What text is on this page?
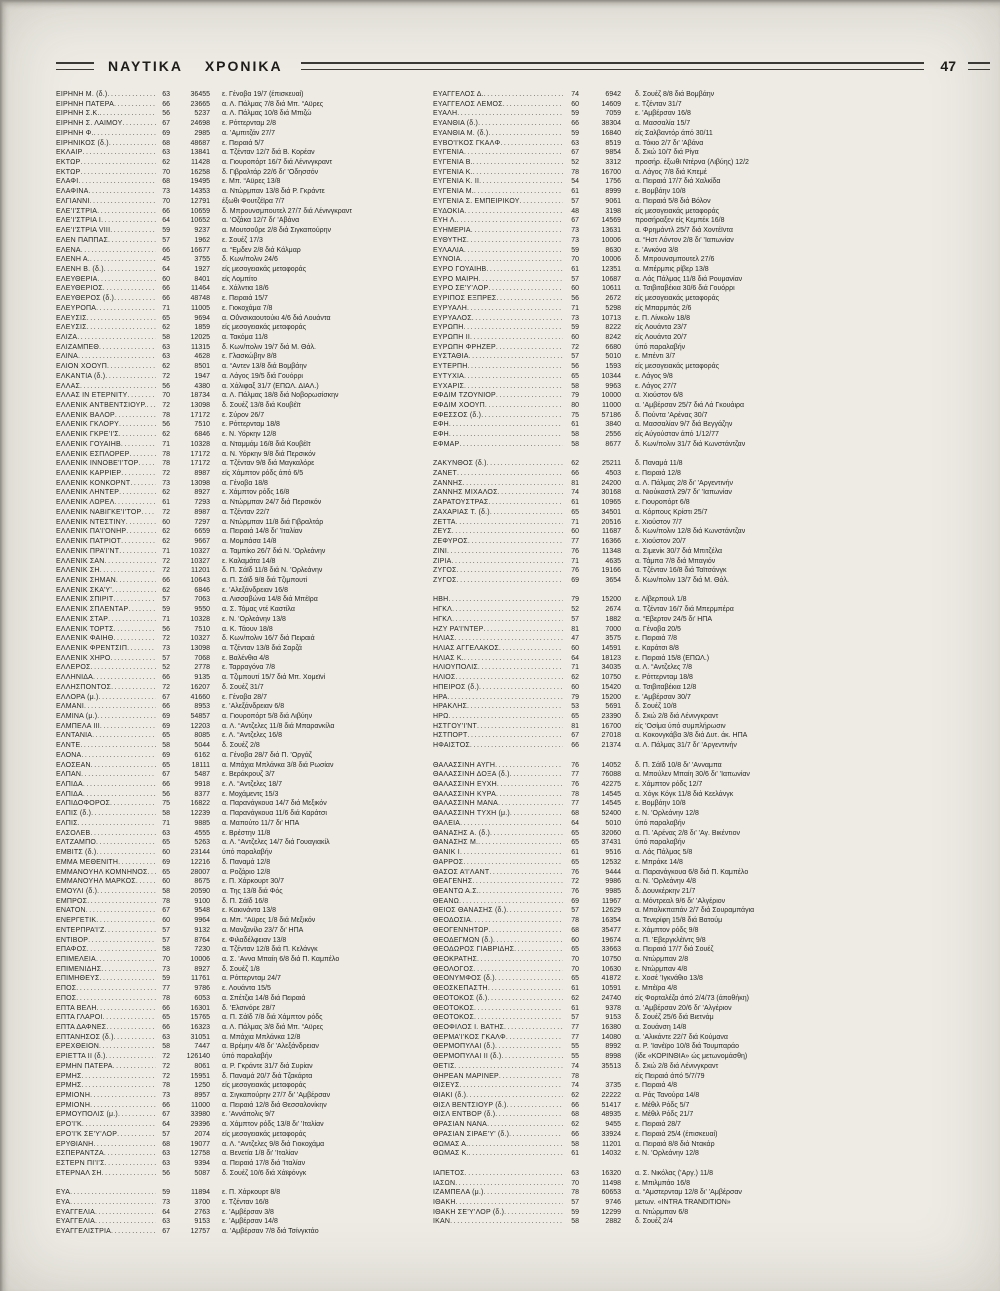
ΝΑΥΤΙΚΑ ΧΡΟΝΙΚΑ	47
ΕΙΡΗΝΗ Μ. (δ.) .....	63	36455	ε. Γένοβα 19/7 (έπισκευαί)
ΕΙΡΗΝΗ ΠΑΤΕΡΑ .....	66	23665	α. Λ. Πάλμας 7/8 διά Μπ. “Αϋρες
ΕΙΡΗΝΗ Σ.Κ. .....	56	5237	α. Λ. Πάλμας 10/8 διά Μπιζώ
ΕΙΡΗΝΗ Σ. ΛΑΙΜΟΥ .....	67	24698	ε. Ρόττερνταμ 2/8
ΕΙΡΗΝΗ Φ. .....	69	2985	α. ’Αμπιτζάν 27/7
ΕΙΡΗΝΙΚΟΣ (δ.) .....	68	48687	ε. Πειραιά 5/7
ΕΚΛΑΙΡ .....	63	13841	α. Τζένταν 12/7 διά Β. Κορέαν
ΕΚΤΩΡ .....	62	11428	α. Γιουροπόρτ 16/7 διά Λένινγκραντ
ΕΚΤΩΡ .....	70	16258	δ. Γιβραλτάρ 22/6 δι’ ’Οδησσόν
ΕΛΑΦΙ .....	68	19495	ε. Μπ. “Αϋρες 13/8
ΕΛΑΦΙΝΑ .....	73	14353	α. Ντώρμπαν 13/8 διά Ρ. Γκράντε
ΕΛΓΙΑΝΝΙ .....	70	12791	έξωθι Φουτζέϊρα 7/7
ΕΛΕ’Ι’ΣΤΡΙΑ .....	66	10659	δ. Μπρουνσμπουτελ 27/7 διά Λένινγκραντ
ΕΛΕ’Ι’ΣΤΡΙΑ Ι .....	64	10652	α. ’Οζάκα 12/7 δι’ ’Αβάνα
ΕΛΕ’Ι’ΣΤΡΙΑ VIII .....	59	9237	α. Μουτσοΰρε 2/8 διά Σιγκαπούρην
ΕΛΕΝ ΠΑΠΠΑΣ .....	57	1962	ε. Σουέζ 17/3
ΕΛΕΝΑ .....	66	16677	α. “Εμδεν 2/8 διά Κάλμαρ
ΕΛΕΝΗ Α. .....	45	3755	δ. Κων/πολιν 24/6
ΕΛΕΝΗ Β. (δ.) .....	64	1927	είς μεσογειακάς μεταφοράς
ΕΛΕΥΘΕΡΙΑ .....	60	8401	είς Λομπίτο
ΕΛΕΥΘΕΡΙΟΣ .....	66	11464	ε. Χάλντια 18/6
ΕΛΕΥΘΕΡΟΣ (δ.) .....	66	48748	ε. Πειραιά 15/7
ΕΛΕΥΡΟΠΑ .....	71	11005	ε. Γιοκοχάμα 7/8
ΕΛΕΥΣΙΣ .....	65	9694	α. Οΰνσικαουτούκι 4/6 διά Λουάντα
ΕΛΕΥΣΙΣ .....	62	1859	είς μεσογειακάς μεταφοράς
ΕΛΙΖΑ .....	58	12025	α. Τακόμα 11/8
ΕΛΙΖΑΜΠΕΘ .....	63	11315	δ. Κων/πολιν 19/7 διά Μ. Θάλ.
ΕΛΙΝΑ .....	63	4628	ε. Γλασκώβην 8/8
ΕΛΙΟΝ ΧΟΟΥΠ .....	62	8501	α. “Αντεν 13/8 διά Βομβάην
ΕΛΚΑΝΤΙΑ (δ.) .....	72	1947	α. Λάγος 19/5 διά Γουόρρι
ΕΛΛΑΣ .....	56	4380	α. Χάλιφαξ 31/7 (ΕΠΩΛ. ΔΙΑΛ.)
ΕΛΛΑΣ ΙΝ ΕΤΕΡΝΙΤΥ .....	70	18734	α. Λ. Πάλμας 18/8 διά Νοβορωσίσκην
ΕΛΛΕΝΙΚ ΑΝΤΒΕΝΤΣΙΟΥΡ. .....	72	13098	δ. Σουέζ 13/8 διά Κουβέϊτ
ΕΛΛΕΝΙΚ ΒΑΛΟΡ .....	78	17172	ε. Σύρον 26/7
ΕΛΛΕΝΙΚ ΓΚΛΟΡΥ .....	56	7510	ε. Ρόττερνταμ 18/8
ΕΛΛΕΝΙΚ ΓΚΡΕ’Ι’Σ .....	62	6846	ε. Ν. Υόρκην 12/8
ΕΛΛΕΝΙΚ ΓΟΥΑΙΗΒ .....	71	10328	α. Νταμμάμ 16/8 διά Κουβέϊτ
ΕΛΛΕΝΙΚ ΕΣΠΛΟΡΕΡ .....	78	17172	α. Ν. Υόρκην 9/8 διά Περσικόν
ΕΛΛΕΝΙΚ ΙΝΝΟΒΕ’Ι’ΤΟΡ .....	78	17172	α. Τζένταν 9/8 διά Μαγκαλόρε
ΕΛΛΕΝΙΚ ΚΑΡΡΙΕΡ .....	72	8987	είς Χάμπτον ρόδς άπό 6/5
ΕΛΛΕΝΙΚ ΚΟΝΚΟΡΝΤ .....	73	13098	α. Γένοβα 18/8
ΕΛΛΕΝΙΚ ΛΗΝΤΕΡ .....	62	8927	ε. Χάμπτον ρόδς 16/8
ΕΛΛΕΝΙΚ ΛΩΡΕΛ .....	61	7293	α. Ντώρμπαν 24/7 διά Περσικόν
ΕΛΛΕΝΙΚ ΝΑΒΙΓΚΕ’Ι’ΤΟΡ .....	72	8987	α. Τζένταν 22/7
ΕΛΛΕΝΙΚ ΝΤΕΣΤΙΝΥ .....	60	7297	α. Ντώρμπαν 11/8 διά Γιβραλτάρ
ΕΛΛΕΝΙΚ ΠΑ’Ι’ΟΝΗΡ .....	62	6659	α. Πειραιά 14/8 δι’ ’Ιταλίαν
ΕΛΛΕΝΙΚ ΠΑΤΡΙΟΤ .....	62	9667	α. Μομπάσα 14/8
ΕΛΛΕΝΙΚ ΠΡΑ’Ι’ΝΤ .....	71	10327	α. Ταμπίκο 26/7 διά Ν. ’Ορλεάνην
ΕΛΛΕΝΙΚ ΣΑΝ .....	72	10327	ε. Καλαμάτα 14/8
ΕΛΛΕΝΙΚ ΣΗ .....	72	11201	δ. Π. Σάϊδ 11/8 διά Ν. ’Ορλεάνην
ΕΛΛΕΝΙΚ ΣΗΜΑΝ .....	66	10643	α. Π. Σάϊδ 9/8 διά Τζιμπουτί
ΕΛΛΕΝΙΚ ΣΚΑ’Υ’ .....	62	6846	ε. ’Αλεξάνδρειαν 16/8
ΕΛΛΕΝΙΚ ΣΠΙΡΙΤ .....	57	7063	α. Λισσαβώνα 14/8 διά Μπέϊρα
ΕΛΛΕΝΙΚ ΣΠΛΕΝΤΑΡ .....	59	9550	α. Σ. Τόμας ντέ Καστίλα
ΕΛΛΕΝΙΚ ΣΤΑΡ .....	71	10328	ε. Ν. ’Ορλεάνην 13/8
ΕΛΛΕΝΙΚ ΤΟΡΤΣ .....	56	7510	α. Κ. Τάουν 18/8
ΕΛΛΕΝΙΚ ΦΑΙΗΘ .....	72	10327	δ. Κων/πολιν 16/7 διά Πειραιά
ΕΛΛΕΝΙΚ ΦΡΕΝΤΣΙΠ .....	73	13098	α. Τζένταν 13/8 διά Σαρζά
ΕΛΛΕΝΙΚ ΧΗΡΟ .....	57	7068	ε. Βαλένθια 4/8
ΕΛΛΕΡΟΣ .....	52	2778	ε. Ταρραγόνα 7/8
ΕΛΛΗΝΙΔΑ .....	66	9135	α. Τζιμπουτί 15/7 διά Μπ. Χομεϊνί
ΕΛΛΗΣΠΟΝΤΟΣ .....	72	16207	δ. Σουέζ 31/7
ΕΛΛΟΡΑ (μ.) .....	67	41660	ε. Γένοβα 28/7
ΕΛΜΑΝΙ .....	66	8953	ε. ’Αλεξάνδρειαν 6/8
ΕΛΜΙΝΑ (μ.) .....	69	54857	α. Γιουροπόρτ 5/8 διά Λιβύην
ΕΛΜΠΕΛΑ ΙΙΙ .....	69	12203	α. Λ. “Αντζελες 11/8 διά Μπαρανκίλα
ΕΛΝΤΑΝΙΑ .....	65	8085	ε. Λ. “Αντζελες 16/8
ΕΛΝΤΕ .....	58	5044	δ. Σουέζ 2/8
ΕΛΟΝΑ .....	69	6162	α. Γένοβα 28/7 διά Π. ’Οργάζ
ΕΛΟΣΕΑΝ .....	65	18111	α. Μπάχια Μπλάνκα 3/8 διά Ρωσίαν
ΕΛΠΑΝ .....	67	5487	ε. Βεράκρουζ 3/7
ΕΛΠΙΔΑ .....	66	9918	ε. Λ. “Αντζελες 18/7
ΕΛΠΙΔΑ .....	56	8377	ε. Μοχάμεντς 15/3
ΕΛΠΙΔΟΦΟΡΟΣ .....	75	16822	α. Παρανάγκουα 14/7 διά Μεξικόν
ΕΛΠΙΣ (δ.) .....	58	12239	α. Παρανάγκουα 11/6 διά Καράτσι
ΕΛΠΙΣ .....	71	9885	α. Μαπούτο 11/7 δι’ ΗΠΑ
ΕΛΣΟΛΕΒ .....	63	4555	ε. Βρέστην 11/8
ΕΛΤΖΑΜΠΟ .....	65	5263	α. Λ. “Αντζελες 14/7 διά Γουαγιακίλ
ΕΜΒΙΤΣ (δ.) .....	60	23144	ύπό παραλαβήν
ΕΜΜΑ ΜΕΘΕΝΙΤΗ .....	69	12216	δ. Παναμά 12/8
ΕΜΜΑΝΟΥΗΛ ΚΟΜΝΗΝΟΣ .....	65	28007	α. Ροζάριο 12/8
ΕΜΜΑΝΟΥΗΛ ΜΑΡΚΟΣ .....	60	8675	ε. Π. Χάρκουρτ 30/7
ΕΜΟΥΛΙ (δ.) .....	58	20590	α. Της 13/8 διά Φός
ΕΜΠΡΟΣ .....	78	9100	δ. Π. Σάϊδ 16/8
ΕΝΑΤΟΝ .....	67	9548	ε. Κακινάντα 13/8
ΕΝΕΡΓΕΤΙΚ .....	60	9964	α. Μπ. “Αϋρες 1/8 διά Μεξικόν
ΕΝΤΕΡΠΡΑ’Ι’Ζ .....	57	9132	α. Μανζανίλο 23/7 δι’ ΗΠΑ
ΕΝΤΙΒΟΡ .....	57	8764	ε. Φιλαδέλφειαν 13/8
ΕΠΑΦΟΣ .....	58	7230	α. Τζένταν 12/8 διά Π. Κελάνγκ
ΕΠΙΜΕΛΕΙΑ .....	70	10006	α. Σ. ’Αννα Μπαίη 6/8 διά Π. Καμπέλο
ΕΠΙΜΕΝΙΔΗΣ .....	73	8927	δ. Σουέζ 1/8
ΕΠΙΜΗΘΕΥΣ .....	59	11761	α. Ρόττερνταμ 24/7
ΕΠΟΣ .....	77	9786	ε. Λουάντα 15/5
ΕΠΟΣ .....	78	6053	α. Σπέτζια 14/8 διά Πειραιά
ΕΠΤΑ ΒΕΛΗ .....	66	16301	δ. ’Ελσινόρε 28/7
ΕΠΤΑ ΓΛΑΡΟΙ .....	65	15765	α. Π. Σάϊδ 7/8 διά Χάμπτον ρόδς
ΕΠΤΑ ΔΑΦΝΕΣ .....	66	16323	α. Λ. Πάλμας 3/8 διά Μπ. “Αϋρες
ΕΠΤΑΝΗΣΟΣ (δ.) .....	63	31051	α. Μπάχια Μπλάνκα 12/8
ΕΡΕΧΘΕΙΟΝ .....	58	7447	α. Βρέμην 4/8 δι’ ’Αλεξάνδρειαν
ΕΡΙΕΤΤΑ ΙΙ (δ.) .....	72	126140	ύπό παραλαβήν
ΕΡΜΗΝ ΠΑΤΕΡΑ .....	72	8061	α. Ρ. Γκράντε 31/7 διά Συρίαν
ΕΡΜΗΣ .....	72	15951	δ. Παναμά 20/7 διά Τζακάρτα
ΕΡΜΗΣ .....	78	1250	είς μεσογειακάς μεταφοράς
ΕΡΜΙΟΝΗ .....	73	8957	α. Σιγκαπούρην 27/7 δι’ ’Αμβέρσαν
ΕΡΜΙΟΝΗ .....	66	11000	α. Πειραιά 12/8 διά Θεσσαλονίκην
ΕΡΜΟΥΠΟΛΙΣ (μ.) .....	67	33980	ε. ’Αννάπολις 9/7
ΕΡΟ’Ι’Κ .....	64	29396	α. Χάμπτον ρόδς 13/8 δι’ ’Ιταλίαν
ΕΡΟ’Ι’Κ ΣΕ’Υ’ΛΟΡ .....	57	2074	είς μεσογειακάς μεταφοράς
ΕΡΥΘΙΑΝΗ .....	68	19077	α. Λ. “Αντζελες 9/8 διά Γιοκοχάμα
ΕΣΠΕΡΑΝΤΖΑ .....	63	12758	α. Βενετία 1/8 δι’ ’Ιταλίαν
ΕΣΤΕΡΝ ΠΙ’Ι’Σ .....	63	9394	α. Πειραιά 17/8 διά ’Ιταλίαν
ΕΤΕΡΝΑΛ ΣΗ .....	56	5087	δ. Σουέζ 10/6 διά Χάϊφόνγκ
ΕΥΑ .....	59	11894	ε. Π. Χάρκουρτ 8/8
ΕΥΑ .....	73	3700	ε. Τζένταν 16/8
ΕΥΑΓΓΕΛΙΑ .....	64	2763	ε. ’Αμβέρσαν 3/8
ΕΥΑΓΓΕΛΙΑ .....	63	9153	ε. ’Αμβέρσαν 14/8
ΕΥΑΓΓΕΛΙΣΤΡΙΑ .....	67	12757	α. ’Αμβέρσαν 7/8 διά Τσίνγκτάο
ΕΥΑΓΓΕΛΟΣ Δ. .....	74	6942	δ. Σουέζ 8/8 διά Βομβάην
ΕΥΑΓΓΕΛΟΣ ΛΕΜΟΣ .....	60	14609	ε. Τζένταν 31/7
ΕΥΑΛΗ .....	59	7059	ε. ’Αμβέρσαν 16/8
ΕΥΑΝΘΙΑ (δ.) .....	66	38304	α. Μασσαλία 15/7
ΕΥΑΝΘΙΑ Μ. (δ.) .....	59	16840	είς Σαλβαντόρ άπό 30/11
ΕΥΒΟ’Ι’ΚΟΣ ΓΚΑΛΦ .....	63	8519	α. Τόκιο 2/7 δι’ ’Αβάνα
ΕΥΓΕΝΙΑ .....	67	9854	δ. Σκώ 10/7 διά Ρίγα
ΕΥΓΕΝΙΑ Β. .....	52	3312	προσήρ. έξωθι Ντέρνα (Λιβύης) 12/2
ΕΥΓΕΝΙΑ Κ. .....	78	16700	α. Λάγος 7/8 διά Κπεμέ
ΕΥΓΕΝΙΑ Κ. ΙΙ .....	54	1756	α. Πειραιά 17/7 διά Χαλκίδα
ΕΥΓΕΝΙΑ Μ. .....	61	8999	ε. Βομβάην 10/8
ΕΥΓΕΝΙΑ Σ. ΕΜΠΕΙΡΙΚΟΥ .....	57	9061	α. Πειραιά 5/8 διά Βόλον
ΕΥΔΟΚΙΑ .....	48	3198	είς μεσογειακάς μεταφοράς
ΕΥΗ Λ. .....	67	14569	προσήραξεν είς Κεμπέκ 16/8
ΕΥΗΜΕΡΙΑ .....	73	13631	α. Φρημάντλ 25/7 διά Χοντέϊντα
ΕΥΘΥΤΗΣ .....	73	10006	α. “Ηστ Λόντον 2/8 δι’ ’Ιαπωνίαν
ΕΥΛΑΛΙΑ .....	59	8630	ε. ’Ανκόνα 3/8
ΕΥΝΟΙΑ .....	70	10006	δ. Μπρουνσμπουτελ 27/6
ΕΥΡΟ ΓΟΥΑΙΗΒ .....	61	12351	α. Μπέρμπις ρίβερ 13/8
ΕΥΡΟ ΜΑΙΡΗ .....	57	10687	α. Λάς Πάλμας 11/8 διά Ρουμανίαν
ΕΥΡΟ ΣΕ’Υ’ΛΟΡ .....	60	10611	α. Τσιβιταβέκια 30/6 διά Γουόρρι
ΕΥΡΙΠΟΣ ΕΞΠΡΕΣ .....	56	2672	είς μεσογειακάς μεταφοράς
ΕΥΡΥΑΛΗ .....	71	5298	είς Μπαρμπάς 2/6
ΕΥΡΥΑΛΟΣ .....	73	10713	ε. Π. Λίνκολν 18/8
ΕΥΡΩΠΗ .....	59	8222	είς Λουάντα 23/7
ΕΥΡΩΠΗ ΙΙ .....	60	8242	είς Λουάντα 20/7
ΕΥΡΩΠΗ ΦΡΗΖΕΡ .....	72	6680	ύπό παραλαβήν
ΕΥΣΤΑΘΙΑ .....	57	5010	ε. Μπέντι 3/7
ΕΥΤΕΡΠΗ .....	56	1593	είς μεσογειακάς μεταφοράς
ΕΥΤΥΧΙΑ .....	65	10344	ε. Λάγος 9/8
ΕΥΧΑΡΙΣ .....	58	9963	ε. Λάγος 27/7
ΕΦΔΙΜ ΤΖΟΥΝΙΟΡ .....	79	10000	α. Χιούστον 6/8
ΕΦΔΙΜ ΧΟΟΥΠ .....	80	11000	α. ’Αμβέρσαν 25/7 διά Λά Γκουάιρα
ΕΦΕΣΣΟΣ (δ.) .....	75	57186	δ. Πούντα ’Αρένας 30/7
ΕΦΗ .....	61	3840	α. Μασσαλίαν 9/7 διά Βεγγάζην
ΕΦΗ .....	58	2556	είς Αύγούσταν άπό 1/12/77
ΕΦΜΑΡ .....	58	8677	δ. Κων/πολιν 31/7 διά Κωνστάντζαν
ΖΑΚΥΝΘΟΣ (δ.) .....	62	25211	δ. Παναμά 11/8
ΖΑΝΕΤ .....	66	4503	ε. Πειραιά 12/8
ΖΑΝΝΗΣ .....	81	24200	α. Λ. Πάλμας 2/8 δι’ ’Αργεντινήν
ΖΑΝΝΗΣ ΜΙΧΑΛΟΣ .....	74	30168	α. Νιούκαστλ 29/7 δι’ ’Ιαπωνίαν
ΖΑΡΑΤΟΥΣΤΡΑΣ .....	61	10965	ε. Γιουροπόρτ 6/8
ΖΑΧΑΡΙΑΣ Τ. (δ.) .....	65	34501	α. Κόρπους Κρίστι 25/7
ΖΕΤΤΑ .....	71	20516	ε. Χιούστον 7/7
ΖΕΥΣ .....	60	11687	δ. Κων/πολιν 12/8 διά Κωνστάντζαν
ΖΕΦΥΡΟΣ .....	77	16366	ε. Χιούστον 20/7
ΖΙΝΙ .....	76	11348	α. Σιμενίκ 30/7 διά Μπιτζέλα
ΖΙΡΙΑ .....	71	4635	α. Τάμπα 7/8 διά Μπαγιόν
ΖΥΓΟΣ .....	76	19166	α. Τζένταν 16/8 διά Ταϊτσάνγκ
ΖΥΓΟΣ .....	69	3654	δ. Κων/πολιν 13/7 διά Μ. Θάλ.
ΗΒΗ .....	79	15200	ε. Λίβερπουλ 1/8
ΗΓΚΛ .....	52	2674	α. Τζένταν 16/7 διά Μπερμπέρα
ΗΓΚΛ .....	57	1882	α. “Εβερτον 24/5 δι’ ΗΠΑ
ΗΖΥ ΡΑ’Ι’ΝΤΕΡ .....	81	7000	α. Γένοβα 20/5
ΗΛΙΑΣ .....	47	3575	ε. Πειραιά 7/8
ΗΛΙΑΣ ΑΓΓΕΛΑΚΟΣ .....	60	14591	ε. Καράτσι 8/8
ΗΛΙΑΣ Κ. .....	64	18123	ε. Πειραιά 15/8 (ΕΠΩΛ.)
ΗΛΙΟΥΠΟΛΙΣ .....	71	34035	α. Λ. “Αντζελες 7/8
ΗΛΙΟΣ .....	62	10750	ε. Ρόττερνταμ 18/8
ΗΠΕΙΡΟΣ (δ.) .....	60	15420	α. Τσιβιταβέκια 12/8
ΗΡΑ .....	79	15200	ε. ’Αμβέρσαν 30/7
ΗΡΑΚΛΗΣ .....	53	5691	δ. Σουέζ 10/8
ΗΡΩ .....	65	23390	δ. Σκώ 2/8 διά Λένινγκραντ
ΗΣΤΓΟΥ’Ι’ΝΤ .....	81	16700	είς ’Οσίμα ύπό συμπλήρωσιν
ΗΣΤΠΟΡΤ .....	67	27018	α. Κοκονγκάβα 3/8 διά Δυτ. άκ. ΗΠΑ
ΗΦΑΙΣΤΟΣ .....	66	21374	α. Λ. Πάλμας 31/7 δι’ ’Αργεντινήν
ΘΑΛΑΣΣΙΝΗ ΑΥΓΗ .....	76	14052	δ. Π. Σάϊδ 10/8 δι’ ’Ανναμπα
ΘΑΛΑΣΣΙΝΗ ΔΟΞΑ (δ.) .....	77	76088	α. Μπούλεν Μπαίη 30/6 δι’ ’Ιαπωνίαν
ΘΑΛΑΣΣΙΝΗ ΕΥΧΗ .....	76	42275	ε. Χάμπτον ρόδς 12/7
ΘΑΛΑΣΣΙΝΗ ΚΥΡΑ .....	78	14545	α. Χόγκ Κόγκ 11/8 διά Κεελάνγκ
ΘΑΛΑΣΣΙΝΗ ΜΑΝΑ .....	77	14545	ε. Βομβάην 10/8
ΘΑΛΑΣΣΙΝΗ ΤΥΧΗ (μ.) .....	68	52400	ε. Ν. ’Ορλεάνην 12/8
ΘΑΛΕΙΑ .....	64	5010	ύπό παραλαβήν
ΘΑΝΑΣΗΣ Α. (δ.) .....	65	32060	α. Π. ’Αρένας 2/8 δι’ ’Αγ. Βικέντιον
ΘΑΝΑΣΗΣ Μ. .....	65	37431	ύπό παραλαβήν
ΘΑΝΙΚ Ι .....	61	9516	α. Λάς Πάλμας 5/8
ΘΑΡΡΟΣ .....	65	12532	ε. Μπράκε 14/8
ΘΑΣΟΣ Α’Ι’ΛΑΝΤ .....	76	9444	α. Παρανάγκουα 6/8 διά Π. Καμπέλο
ΘΕΑΓΕΝΗΣ .....	72	9986	α. Ν. ’Ορλεάνην 4/8
ΘΕΑΝΤΩ Α.Σ. .....	76	9985	δ. Δουνκέρκην 21/7
ΘΕΑΝΩ .....	69	11967	α. Μόντρεαλ 9/6 δι’ ’Αλγέριον
ΘΕΙΟΣ ΘΑΝΑΣΗΣ (δ.) .....	57	12629	α. Μπαλικπαπάν 2/7 διά Σουραμπάγια
ΘΕΟΔΟΣΙΑ .....	78	16354	α. Τενερίφη 15/8 διά Βατούμ
ΘΕΟΓΕΝΝΗΤΩΡ .....	68	35477	ε. Χάμπτον ρόδς 9/8
ΘΕΟΔΕΓΜΩΝ (δ.) .....	60	19674	α. Π. ’Εβεργκλέϊντς 9/8
ΘΕΟΔΩΡΟΣ ΓΙΑΒΡΙΔΗΣ .....	65	33663	α. Πειραιά 17/7 διά Σουέζ
ΘΕΟΚΡΑΤΗΣ .....	70	10750	α. Ντώρμπαν 2/8
ΘΕΟΛΟΓΟΣ .....	70	10630	ε. Ντώρμπαν 4/8
ΘΕΟΝΥΜΦΟΣ (δ.) .....	65	41872	ε. Χοσέ ’Ιγκνάθιο 13/8
ΘΕΟΣΚΕΠΑΣΤΗ .....	61	10591	ε. Μπέϊρα 4/8
ΘΕΟΤΟΚΟΣ (δ.) .....	62	24740	είς Φορταλέζα άπό 2/4/73 (άποθήκη)
ΘΕΟΤΟΚΟΣ .....	61	9378	α. ’Αμβέρσαν 20/6 δι’ ’Αλγέριον
ΘΕΟΤΟΚΟΣ .....	57	9153	δ. Σουέζ 25/6 διά Βιετνάμ
ΘΕΟΦΙΛΟΣ Ι. ΒΑΤΗΣ .....	77	16380	α. Σουάνση 14/8
ΘΕΡΜΑ’Ι’ΚΟΣ ΓΚΑΛΦ .....	77	14080	α. ’Αλικάντε 22/7 διά Κούμανα
ΘΕΡΜΟΠΥΛΑΙ (δ.) .....	55	8992	α. Ρ. ’Ιανέϊρο 10/8 διά Τουμπαράο
ΘΕΡΜΟΠΥΛΑΙ ΙΙ (δ.) .....	55	8998	(ίδε «ΚΟΡΙΝΘΙΑ» ώς μετωνομάσθη)
ΘΕΤΙΣ .....	74	35513	δ. Σκώ 2/8 διά Λένινγκραντ
ΘΗΡΕΑΝ ΜΑΡΙΝΕΡ .....	78	είς Πειραιά άπό 5/7/79
ΘΙΣΕΥΣ .....	74	3735	ε. Πειραιά 4/8
ΘΙΑΚΙ (δ.) .....	62	22222	α. Ράς Τανούρα 14/8
ΘΙΣΛ ΒΕΝΤΣΙΟΥΡ (δ.) .....	66	51417	ε. Μέθιλ Ρόδς 5/7
ΘΙΣΛ ΕΝΤΒΟΡ (δ.) .....	68	48935	ε. Μέθιλ Ρόδς 21/7
ΘΡΑΣΙΑΝ ΝΑΝΑ .....	62	9455	ε. Πειραιά 28/7
ΘΡΑΣΙΑΝ ΣΙΡΑΕ’Υ’ (δ.) .....	66	33924	ε. Πειραιά 25/4 (έπισκευαί)
ΘΩΜΑΣ Α. .....	58	11201	α. Πειραιά 8/8 διά Ντακάρ
ΘΩΜΑΣ Κ. .....	61	14032	ε. Ν. ’Ορλεάνην 12/8
ΙΑΠΕΤΟΣ .....	63	16320	α. Σ. Νικόλας (’Αργ.) 11/8
ΙΑΣΩΝ .....	70	11498	ε. Μπιλμπάο 16/8
ΙΖΑΜΠΕΛΑ (μ.) .....	78	60653	α. “Αμστερνταμ 12/8 δι’ ’Αμβέρσαν
ΙΘΑΚΗ .....	57	9746	μετων. «INTRA TRANDITION»
ΙΘΑΚΗ ΣΕ’Υ’ΛΟΡ (δ.) .....	59	12299	α. Ντώρμπαν 6/8
ΙΚΑΝ .....	58	2882	δ. Σουέζ 2/4
